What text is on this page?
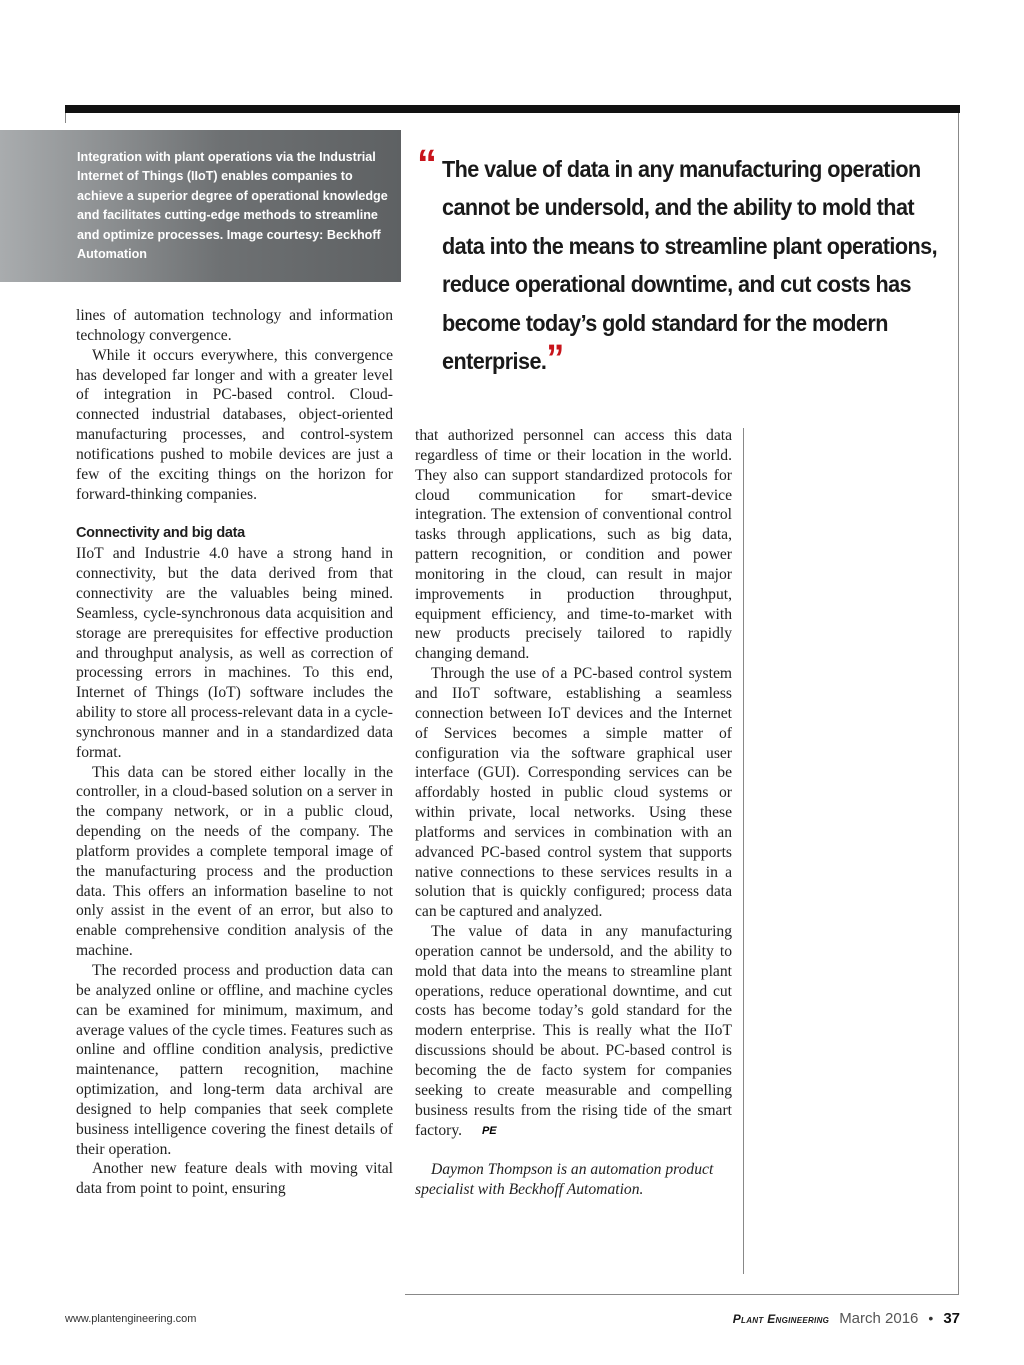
Integration with plant operations via the Industrial Internet of Things (IIoT) enables companies to achieve a superior degree of operational knowledge and facilitates cutting-edge methods to streamline and optimize processes. Image courtesy: Beckhoff Automation

“ The value of data in any manufacturing operation cannot be undersold, and the ability to mold that data into the means to streamline plant operations, reduce operational downtime, and cut costs has become today’s gold standard for the modern enterprise.”

lines of automation technology and information technology convergence.

While it occurs everywhere, this convergence has developed far longer and with a greater level of integration in PC-based control. Cloud-connected industrial databases, object-oriented manufacturing processes, and control-system notifications pushed to mobile devices are just a few of the exciting things on the horizon for forward-thinking companies.

Connectivity and big data

IIoT and Industrie 4.0 have a strong hand in connectivity, but the data derived from that connectivity are the valuables being mined. Seamless, cycle-synchronous data acquisition and storage are prerequisites for effective production and throughput analysis, as well as correction of processing errors in machines. To this end, Internet of Things (IoT) software includes the ability to store all process-relevant data in a cycle-synchronous manner and in a standardized data format.

This data can be stored either locally in the controller, in a cloud-based solution on a server in the company network, or in a public cloud, depending on the needs of the company. The platform provides a complete temporal image of the manufacturing process and the production data. This offers an information baseline to not only assist in the event of an error, but also to enable comprehensive condition analysis of the machine.

The recorded process and production data can be analyzed online or offline, and machine cycles can be examined for minimum, maximum, and average values of the cycle times. Features such as online and offline condition analysis, predictive maintenance, pattern recognition, machine optimization, and long-term data archival are designed to help companies that seek complete business intelligence covering the finest details of their operation.

Another new feature deals with moving vital data from point to point, ensuring

that authorized personnel can access this data regardless of time or their location in the world. They also can support standardized protocols for cloud communication for smart-device integration. The extension of conventional control tasks through applications, such as big data, pattern recognition, or condition and power monitoring in the cloud, can result in major improvements in production throughput, equipment efficiency, and time-to-market with new products precisely tailored to rapidly changing demand.

Through the use of a PC-based control system and IIoT software, establishing a seamless connection between IoT devices and the Internet of Services becomes a simple matter of configuration via the software graphical user interface (GUI). Corresponding services can be affordably hosted in public cloud systems or within private, local networks. Using these platforms and services in combination with an advanced PC-based control system that supports native connections to these services results in a solution that is quickly configured; process data can be captured and analyzed.

The value of data in any manufacturing operation cannot be undersold, and the ability to mold that data into the means to streamline plant operations, reduce operational downtime, and cut costs has become today’s gold standard for the modern enterprise. This is really what the IIoT discussions should be about. PC-based control is becoming the de facto system for companies seeking to create measurable and compelling business results from the rising tide of the smart factory. PE

Daymon Thompson is an automation product specialist with Beckhoff Automation.

www.plantengineering.com	Plant Engineering March 2016 • 37
